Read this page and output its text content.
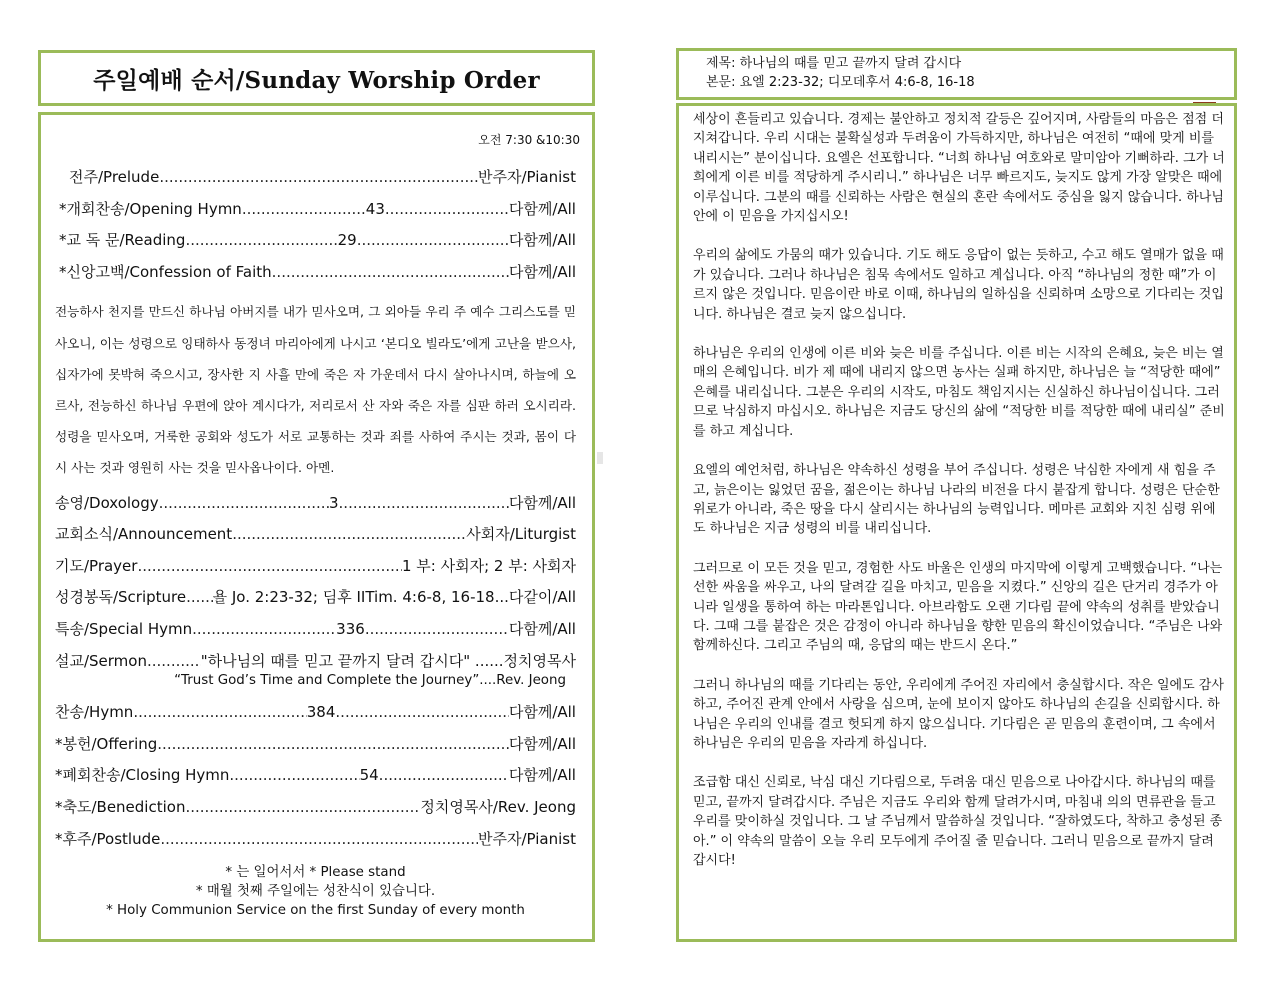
주일예배 순서/Sunday Worship Order
오전 7:30 &10:30
전주/Prelude .....	반주자/Pianist
*개회찬송/Opening Hymn .....	43 .....	다함께/All
*교 독 문/Reading .....	29 .....	다함께/All
*신앙고백/Confession of Faith .....	다함께/All
전능하사 천지를 만드신 하나님 아버지를 내가 믿사오며, 그 외아들 우리 주 예수 그리스도를 믿사오니, 이는 성령으로 잉태하사 동정녀 마리아에게 나시고 ‘본디오 빌라도’에게 고난을 받으사, 십자가에 못박혀 죽으시고, 장사한 지 사흘 만에 죽은 자 가운데서 다시 살아나시며, 하늘에 오르사, 전능하신 하나님 우편에 앉아 계시다가, 저리로서 산 자와 죽은 자를 심판 하러 오시리라. 성령을 믿사오며, 거룩한 공회와 성도가 서로 교통하는 것과 죄를 사하여 주시는 것과, 몸이 다시 사는 것과 영원히 사는 것을 믿사옵나이다. 아멘.
송영/Doxology .....	3 .....	다함께/All
교회소식/Announcement .....	사회자/Liturgist
기도/Prayer .....	1 부: 사회자; 2 부: 사회자
성경봉독/Scripture ..... 욜 Jo. 2:23-32; 딤후 IITim. 4:6-8, 16-18...다같이/All
특송/Special Hymn .....	336 .....	다함께/All
설교/Sermon .....	"하나님의 때를 믿고 끝까지 달려 갑시다" ......정치영목사
“Trust God’s Time and Complete the Journey”....Rev. Jeong
찬송/Hymn .....	384 .....	다함께/All
*봉헌/Offering .....	다함께/All
*폐회찬송/Closing Hymn .....	54 .....	다함께/All
*축도/Benediction .....	정치영목사/Rev. Jeong
*후주/Postlude .....	반주자/Pianist
* 는 일어서서 * Please stand
* 매월 첫째 주일에는 성찬식이 있습니다.
* Holy Communion Service on the first Sunday of every month
제목: 하나님의 때를 믿고 끝까지 달려 갑시다
본문: 요엘 2:23-32; 디모데후서 4:6-8, 16-18

세상이 흔들리고 있습니다. 경제는 불안하고 정치적 갈등은 깊어지며, 사람들의 마음은 점점 더 지쳐갑니다. 우리 시대는 불확실성과 두려움이 가득하지만, 하나님은 여전히 “때에 맞게 비를 내리시는” 분이십니다. 요엘은 선포합니다. “너희 하나님 여호와로 말미암아 기뻐하라. 그가 너희에게 이른 비를 적당하게 주시리니.” 하나님은 너무 빠르지도, 늦지도 않게 가장 알맞은 때에 이루십니다. 그분의 때를 신뢰하는 사람은 현실의 혼란 속에서도 중심을 잃지 않습니다. 하나님 안에 이 믿음을 가지십시오!

우리의 삶에도 가뭄의 때가 있습니다. 기도 해도 응답이 없는 듯하고, 수고 해도 열매가 없을 때가 있습니다. 그러나 하나님은 침묵 속에서도 일하고 계십니다. 아직 “하나님의 정한 때”가 이르지 않은 것입니다. 믿음이란 바로 이때, 하나님의 일하심을 신뢰하며 소망으로 기다리는 것입니다. 하나님은 결코 늦지 않으십니다.

하나님은 우리의 인생에 이른 비와 늦은 비를 주십니다. 이른 비는 시작의 은혜요, 늦은 비는 열매의 은혜입니다. 비가 제 때에 내리지 않으면 농사는 실패 하지만, 하나님은 늘 “적당한 때에” 은혜를 내리십니다. 그분은 우리의 시작도, 마침도 책임지시는 신실하신 하나님이십니다. 그러므로 낙심하지 마십시오. 하나님은 지금도 당신의 삶에 “적당한 비를 적당한 때에 내리실” 준비를 하고 계십니다.

요엘의 예언처럼, 하나님은 약속하신 성령을 부어 주십니다. 성령은 낙심한 자에게 새 힘을 주고, 늙은이는 잃었던 꿈을, 젊은이는 하나님 나라의 비전을 다시 붙잡게 합니다. 성령은 단순한 위로가 아니라, 죽은 땅을 다시 살리시는 하나님의 능력입니다. 메마른 교회와 지친 심령 위에도 하나님은 지금 성령의 비를 내리십니다.

그러므로 이 모든 것을 믿고, 경험한 사도 바울은 인생의 마지막에 이렇게 고백했습니다. “나는 선한 싸움을 싸우고, 나의 달려갈 길을 마치고, 믿음을 지켰다.” 신앙의 길은 단거리 경주가 아니라 일생을 통하여 하는 마라톤입니다. 아브라함도 오랜 기다림 끝에 약속의 성취를 받았습니다. 그때 그를 붙잡은 것은 감정이 아니라 하나님을 향한 믿음의 확신이었습니다. “주님은 나와 함께하신다. 그리고 주님의 때, 응답의 때는 반드시 온다.”

그러니 하나님의 때를 기다리는 동안, 우리에게 주어진 자리에서 충실합시다. 작은 일에도 감사하고, 주어진 관계 안에서 사랑을 심으며, 눈에 보이지 않아도 하나님의 손길을 신뢰합시다. 하나님은 우리의 인내를 결코 헛되게 하지 않으십니다. 기다림은 곧 믿음의 훈련이며, 그 속에서 하나님은 우리의 믿음을 자라게 하십니다.

조급함 대신 신뢰로, 낙심 대신 기다림으로, 두려움 대신 믿음으로 나아갑시다. 하나님의 때를 믿고, 끝까지 달려갑시다. 주님은 지금도 우리와 함께 달려가시며, 마침내 의의 면류관을 들고 우리를 맞이하실 것입니다. 그 날 주님께서 말씀하실 것입니다. “잘하였도다, 착하고 충성된 종아.” 이 약속의 말씀이 오늘 우리 모두에게 주어질 줄 믿습니다. 그러니 믿음으로 끝까지 달려 갑시다!
